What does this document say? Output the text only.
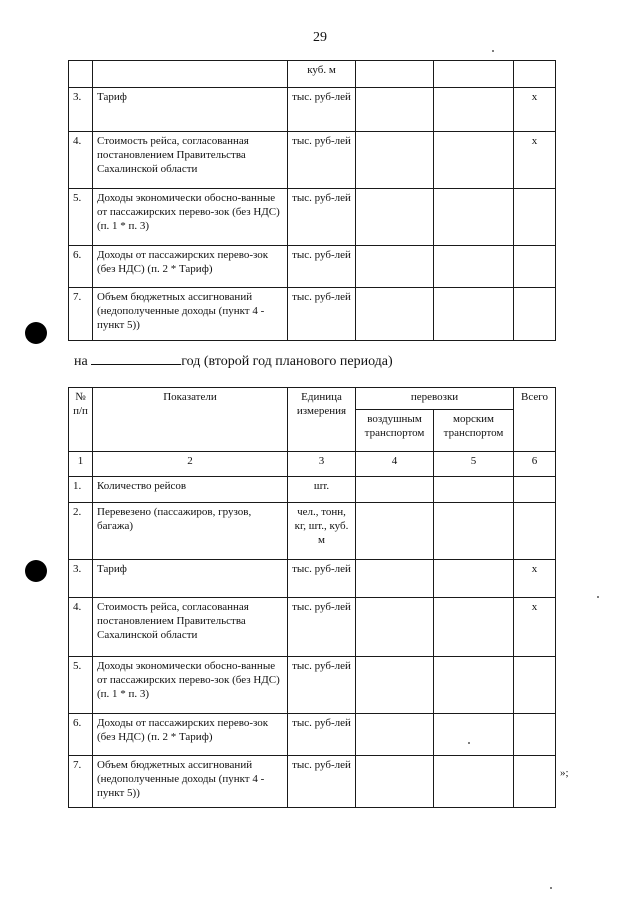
29
		куб. м			
3.	Тариф	тыс. руб-лей			x
4.	Стоимость рейса, согласованная постановлением Правительства Сахалинской области	тыс. руб-лей			x
5.	Доходы экономически обосно-ванные от пассажирских перево-зок (без НДС) (п. 1 * п. 3)	тыс. руб-лей			
6.	Доходы от пассажирских перево-зок (без НДС) (п. 2 * Тариф)	тыс. руб-лей			
7.	Объем бюджетных ассигнований (недополученные доходы (пункт 4 - пункт 5))	тыс. руб-лей			
на	год (второй год планового периода)
№ п/п	Показатели	Единица измерения	перевозки		Всего
			воздушным транспортом	морским транспортом	
1	2	3	4	5	6
1.	Количество рейсов	шт.			
2.	Перевезено (пассажиров, грузов, багажа)	чел., тонн, кг, шт., куб. м			
3.	Тариф	тыс. руб-лей			x
4.	Стоимость рейса, согласованная постановлением Правительства Сахалинской области	тыс. руб-лей			x
5.	Доходы экономически обосно-ванные от пассажирских перево-зок (без НДС) (п. 1 * п. 3)	тыс. руб-лей			
6.	Доходы от пассажирских перево-зок (без НДС) (п. 2 * Тариф)	тыс. руб-лей			
7.	Объем бюджетных ассигнований (недополученные доходы (пункт 4 - пункт 5))	тыс. руб-лей			
»;
